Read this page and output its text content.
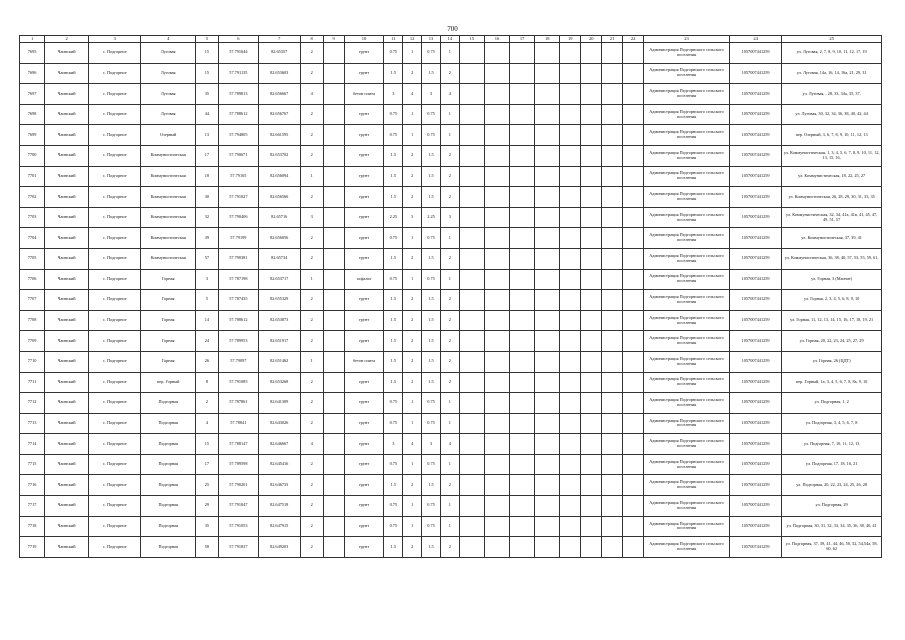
700
1	2	3	4	5	6	7	8	9	10	11	12	13	14	15	16	17	18	19	20	21	22	23	24	25
7695	Чаинский	с. Подгорное	Луговая	15	57.791644	82.65357	2		грунт	0.75	1	0.75	1									Администрация Подгорнского сельского поселения	1057007441259	ул. Луговая, 2, 7, 8, 9, 10, 11, 12, 17, 19
7696	Чаинский	с. Подгорное	Луговая	15	57.791135	82.653603	2		грунт	1.5	2	1.5	2									Администрация Подгорнского сельского поселения	1057007441259	ул. Луговая, 14а, 16, 14, 16а, 21, 29, 31
7697	Чаинский	с. Подгорное	Луговая	35	57.789813	82.656667	4		бетон плита	3	4	3	4									Администрация Подгорнского сельского поселения	1057007441259	ул. Луговая, , 28, 33, 34а, 35, 37,
7698	Чаинский	с. Подгорное	Луговая	44	57.788612	82.656767	2		грунт	0.75	1	0.75	1									Администрация Подгорнского сельского поселения	1057007441259	ул. Луговая, 30, 32, 34, 36, 38, 40, 42, 44
7699	Чаинский	с. Подгорное	Озерный	13	57.794805	82.661595	2		грунт	0.75	1	0.75	1									Администрация Подгорнского сельского поселения	1057007441259	пер. Озерный, 3, 6, 7, 8, 9, 10, 11, 12, 13
7700	Чаинский	с. Подгорное	Коммунистическая	17	57.790671	82.653702	2		грунт	1.5	2	1.5	2									Администрация Подгорнского сельского поселения	1057007441259	ул. Коммунистическая, 1, 3, 4, 5, 6, 7, 8, 9, 10, 11, 12, 13, 15, 16,
7701	Чаинский	с. Подгорное	Коммунистическая	18	57.79165	82.656094	1		грунт	1.5	2	1.5	2									Администрация Подгорнского сельского поселения	1057007441259	ул. Коммунистическая, 18, 22, 25, 27
7702	Чаинский	с. Подгорное	Коммунистическая	30	57.791027	82.656566	2		грунт	1.5	2	1.5	2									Администрация Подгорнского сельского поселения	1057007441259	ул. Коммунистическая, 26, 28, 29, 30, 31, 33, 35
7703	Чаинский	с. Подгорное	Коммунистическая	32	57.790406	82.65716	3		грунт	2.25	3	2.25	3									Администрация Подгорнского сельского поселения	1057007441259	ул. Коммунистическая, 32, 34, 41а, 41в, 41, 45, 47, 49, 51, 57
7704	Чаинский	с. Подгорное	Коммунистическая	39	57.79199	82.656056	2		грунт	0.75	1	0.75	1									Администрация Подгорнского сельского поселения	1057007441259	ул. Коммунистическая, 37, 39, 41
7705	Чаинский	с. Подгорное	Коммунистическая	57	57.790381	82.65734	2		грунт	1.5	2	1.5	2									Администрация Подгорнского сельского поселения	1057007441259	ул. Коммунистическая, 36, 38, 40, 57, 53, 55, 59, 61,
7706	Чаинский	с. Подгорное	Горная	3	57.787198	82.653717	1		асфальт	0.75	1	0.75	1									Администрация Подгорнского сельского поселения	1057007441259	ул. Горная, 3 (Магнит)
7707	Чаинский	с. Подгорное	Горная	5	57.787435	82.655329	2		грунт	1.5	2	1.5	2									Администрация Подгорнского сельского поселения	1057007441259	ул. Горная, 2, 3, 4, 5, 6, 8, 9, 10
7708	Чаинский	с. Подгорное	Горная	14	57.788612	82.653873	2		грунт	1.5	2	1.5	2									Администрация Подгорнского сельского поселения	1057007441259	ул. Горная, 11, 12, 13, 14, 15, 16, 17, 18, 19, 21
7709	Чаинский	с. Подгорное	Горная	24	57.789953	82.651917	2		грунт	1.5	2	1.5	2									Администрация Подгорнского сельского поселения	1057007441259	ул. Горная, 20, 22, 23, 24, 25, 27, 29
7710	Чаинский	с. Подгорное	Горная	26	57.79097	82.651462	1		бетон плита	1.5	2	1.5	2									Администрация Подгорнского сельского поселения	1057007441259	ул. Горная, 26 (ЦДТ)
7711	Чаинский	с. Подгорное	пер. Горный	8	57.791085	82.653268	2		грунт	1.5	2	1.5	2									Администрация Подгорнского сельского поселения	1057007441259	пер. Горный, 1а, 3, 4, 5, 6, 7, 8, 8а, 9, 10
7712	Чаинский	с. Подгорное	Подгорная	2	57.787861	82.641309	2		грунт	0.75	1	0.75	1									Администрация Подгорнского сельского поселения	1057007441259	ул. Подгорная, 1, 2
7713	Чаинский	с. Подгорное	Подгорная	4	57.78841	82.643026	2		грунт	0.75	1	0.75	1									Администрация Подгорнского сельского поселения	1057007441259	ул. Подгорная, 3, 4, 5, 6, 7, 8
7714	Чаинский	с. Подгорное	Подгорная	15	57.788147	82.646667	4		грунт	3	4	3	4									Администрация Подгорнского сельского поселения	1057007441259	ул. Подгорная, 7, 10, 11, 12, 13
7715	Чаинский	с. Подгорное	Подгорная	17	57.789598	82.645416	2		грунт	0.75	1	0.75	1									Администрация Подгорнского сельского поселения	1057007441259	ул. Подгорная, 17, 18, 16, 21
7716	Чаинский	с. Подгорное	Подгорная	25	57.790201	82.646733	2		грунт	1.5	2	1.5	2									Администрация Подгорнского сельского поселения	1057007441259	ул. Подгорная, 20, 22, 23, 24, 25, 26, 28
7717	Чаинский	с. Подгорное	Подгорная	29	57.791047	82.647518	2		грунт	0.75	1	0.75	1									Администрация Подгорнского сельского поселения	1057007441259	ул. Подгорная, 29
7718	Чаинский	с. Подгорное	Подгорная	35	57.791053	82.647915	2		грунт	0.75	1	0.75	1									Администрация Подгорнского сельского поселения	1057007441259	ул. Подгорная, 30, 31, 32, 33, 34, 35, 36, 38, 40, 41
7719	Чаинский	с. Подгорное	Подгорная	58	57.791837	82.649203	2		грунт	1.5	2	1.5	2									Администрация Подгорнского сельского поселения	1057007441259	ул. Подгорная, 37, 39, 41, 44, 46, 50, 52, 54,54а, 58, 60, 62
